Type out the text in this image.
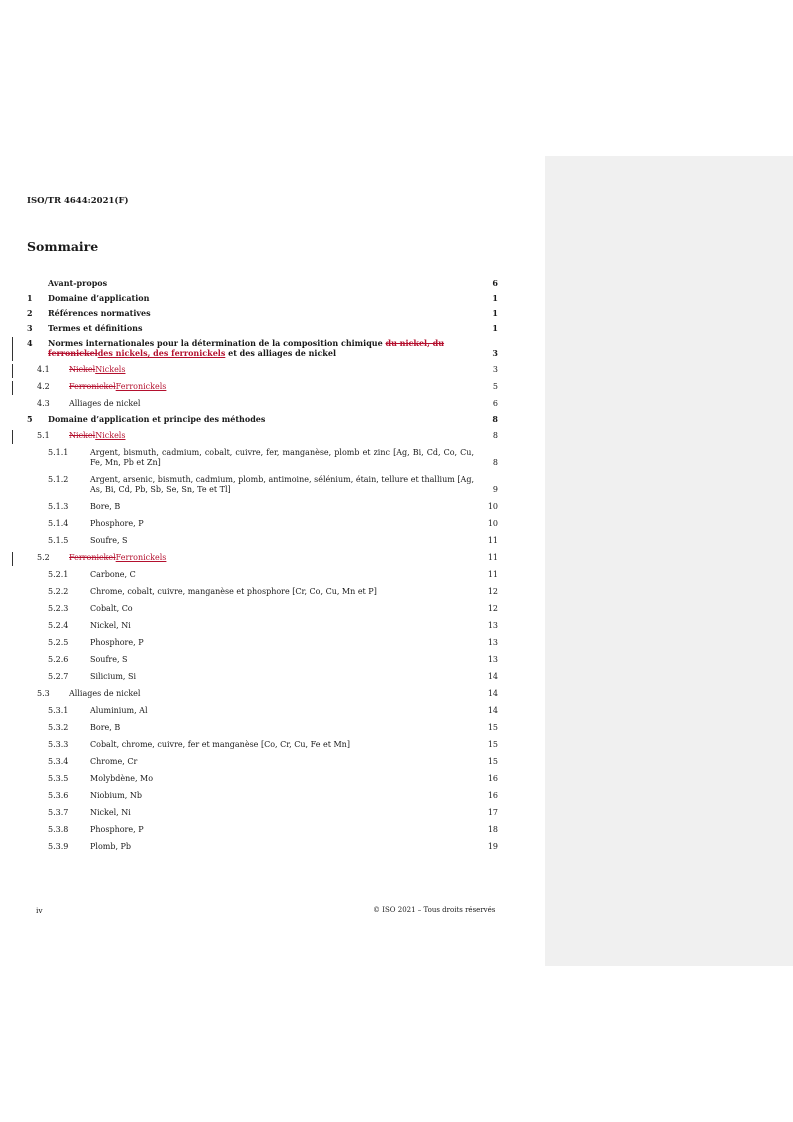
ISO/TR 4644:2021(F)
Sommaire
Avant-propos	6
1	Domaine d’application	1
2	Références normatives	1
3	Termes et définitions	1
4	Normes internationales pour la détermination de la composition chimique du nickel, du ferronickeldes nickels, des ferronickels et des alliages de nickel	3
4.1	NickelNickels	3
4.2	FerronickelFerronickels	5
4.3	Alliages de nickel	6
5	Domaine d’application et principe des méthodes	8
5.1	NickelNickels	8
5.1.1	Argent, bismuth, cadmium, cobalt, cuivre, fer, manganèse, plomb et zinc [Ag, Bi, Cd, Co, Cu, Fe, Mn, Pb et Zn]	8
5.1.2	Argent, arsenic, bismuth, cadmium, plomb, antimoine, sélénium, étain, tellure et thallium [Ag, As, Bi, Cd, Pb, Sb, Se, Sn, Te et Tl]	9
5.1.3	Bore, B	10
5.1.4	Phosphore, P	10
5.1.5	Soufre, S	11
5.2	FerronickelFerronickels	11
5.2.1	Carbone, C	11
5.2.2	Chrome, cobalt, cuivre, manganèse et phosphore [Cr, Co, Cu, Mn et P]	12
5.2.3	Cobalt, Co	12
5.2.4	Nickel, Ni	13
5.2.5	Phosphore, P	13
5.2.6	Soufre, S	13
5.2.7	Silicium, Si	14
5.3	Alliages de nickel	14
5.3.1	Aluminium, Al	14
5.3.2	Bore, B	15
5.3.3	Cobalt, chrome, cuivre, fer et manganèse [Co, Cr, Cu, Fe et Mn]	15
5.3.4	Chrome, Cr	15
5.3.5	Molybdène, Mo	16
5.3.6	Niobium, Nb	16
5.3.7	Nickel, Ni	17
5.3.8	Phosphore, P	18
5.3.9	Plomb, Pb	19
iv	© ISO 2021 – Tous droits réservés
